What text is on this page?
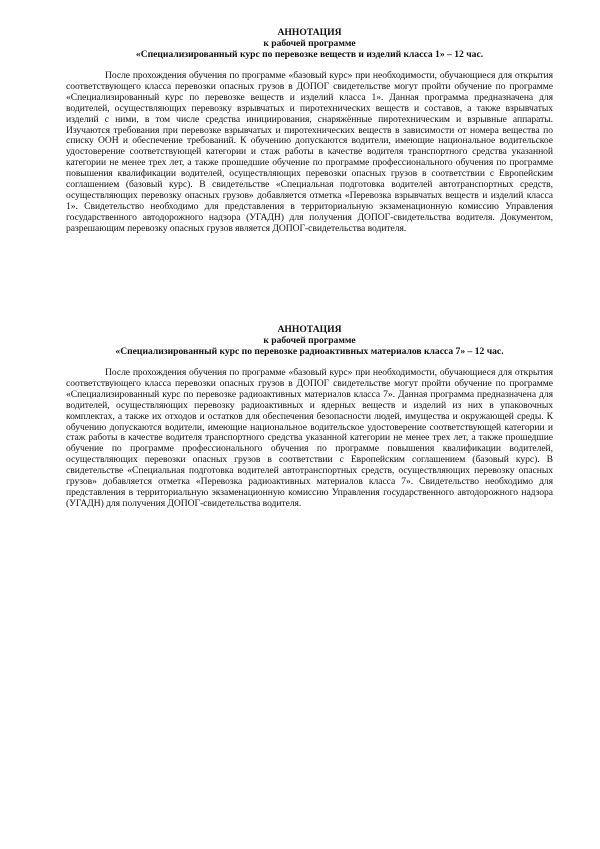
АННОТАЦИЯ

к рабочей программе

«Специализированный курс по перевозке веществ и изделий класса 1» – 12 час.

После прохождения обучения по программе «базовый курс» при необходимости, обучающиеся для открытия соответствующего класса перевозки опасных грузов в ДОПОГ свидетельстве могут пройти обучение по программе «Специализированный курс по перевозке веществ и изделий класса 1». Данная программа предназначена для водителей, осуществляющих перевозку взрывчатых и пиротехнических веществ и составов, а также взрывчатых изделий с ними, в том числе средства инициирования, снаряжённые пиротехническим и взрывные аппараты. Изучаются требования при перевозке взрывчатых и пиротехнических веществ в зависимости от номера вещества по списку ООН и обеспечение требований. К обучению допускаются водители, имеющие национальное водительское удостоверение соответствующей категории и стаж работы в качестве водителя транспортного средства указанной категории не менее трех лет, а также прошедшие обучение по программе профессионального обучения по программе повышения квалификации водителей, осуществляющих перевозки опасных грузов в соответствии с Европейским соглашением (базовый курс). В свидетельстве «Специальная подготовка водителей автотранспортных средств, осуществляющих перевозку опасных грузов» добавляется отметка «Перевозка взрывчатых веществ и изделий класса 1». Свидетельство необходимо для представления в территориальную экзаменационную комиссию Управления государственного автодорожного надзора (УГАДН) для получения ДОПОГ-свидетельства водителя. Документом, разрешающим перевозку опасных грузов является ДОПОГ-свидетельства водителя.

АННОТАЦИЯ

к рабочей программе

«Специализированный курс по перевозке радиоактивных материалов класса 7» – 12 час.

После прохождения обучения по программе «базовый курс» при необходимости, обучающиеся для открытия соответствующего класса перевозки опасных грузов в ДОПОГ свидетельстве могут пройти обучение по программе «Специализированный курс по перевозке радиоактивных материалов класса 7». Данная программа предназначена для водителей, осуществляющих перевозку радиоактивных и ядерных веществ и изделий из них в упаковочных комплектах, а также их отходов и остатков для обеспечения безопасности людей, имущества и окружающей среды. К обучению допускаются водители, имеющие национальное водительское удостоверение соответствующей категории и стаж работы в качестве водителя транспортного средства указанной категории не менее трех лет, а также прошедшие обучение по программе профессионального обучения по программе повышения квалификации водителей, осуществляющих перевозки опасных грузов в соответствии с Европейским соглашением (базовый курс). В свидетельстве «Специальная подготовка водителей автотранспортных средств, осуществляющих перевозку опасных грузов» добавляется отметка «Перевозка радиоактивных материалов класса 7». Свидетельство необходимо для представления в территориальную экзаменационную комиссию Управления государственного автодорожного надзора (УГАДН) для получения ДОПОГ-свидетельства водителя.
